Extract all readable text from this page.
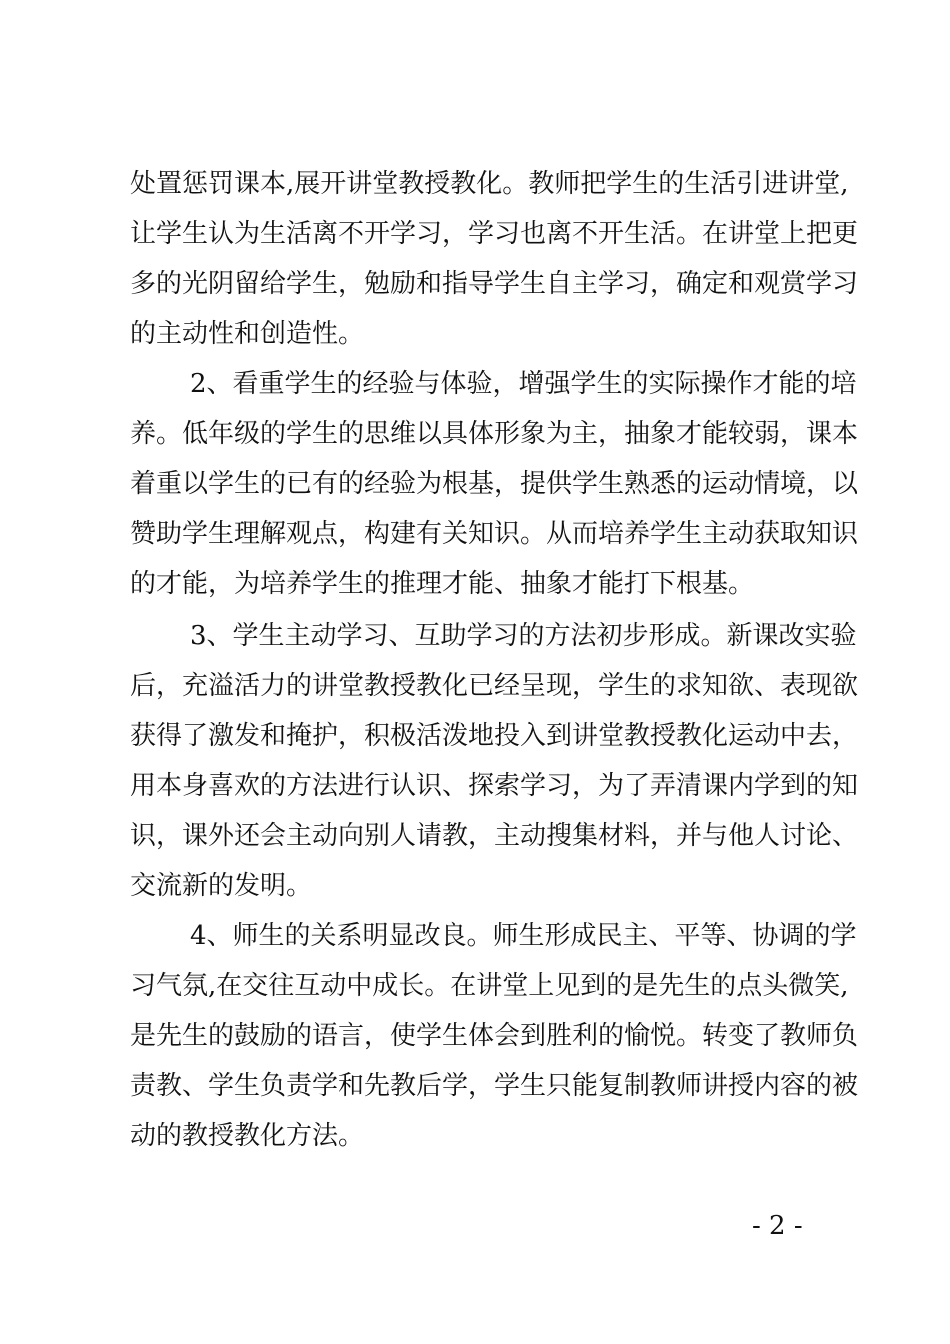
处置惩罚课本,展开讲堂教授教化。教师把学生的生活引进讲堂,
让学生认为生活离不开学习，学习也离不开生活。在讲堂上把更
多的光阴留给学生，勉励和指导学生自主学习，确定和观赏学习
的主动性和创造性。
2、看重学生的经验与体验，增强学生的实际操作才能的培
养。低年级的学生的思维以具体形象为主，抽象才能较弱，课本
着重以学生的已有的经验为根基，提供学生熟悉的运动情境，以
赞助学生理解观点，构建有关知识。从而培养学生主动获取知识
的才能，为培养学生的推理才能、抽象才能打下根基。
3、学生主动学习、互助学习的方法初步形成。新课改实验
后，充溢活力的讲堂教授教化已经呈现，学生的求知欲、表现欲
获得了激发和掩护，积极活泼地投入到讲堂教授教化运动中去，
用本身喜欢的方法进行认识、探索学习，为了弄清课内学到的知
识，课外还会主动向别人请教，主动搜集材料，并与他人讨论、
交流新的发明。
4、师生的关系明显改良。师生形成民主、平等、协调的学
习气氛,在交往互动中成长。在讲堂上见到的是先生的点头微笑,
是先生的鼓励的语言，使学生体会到胜利的愉悦。转变了教师负
责教、学生负责学和先教后学，学生只能复制教师讲授内容的被
动的教授教化方法。
- 2 -
